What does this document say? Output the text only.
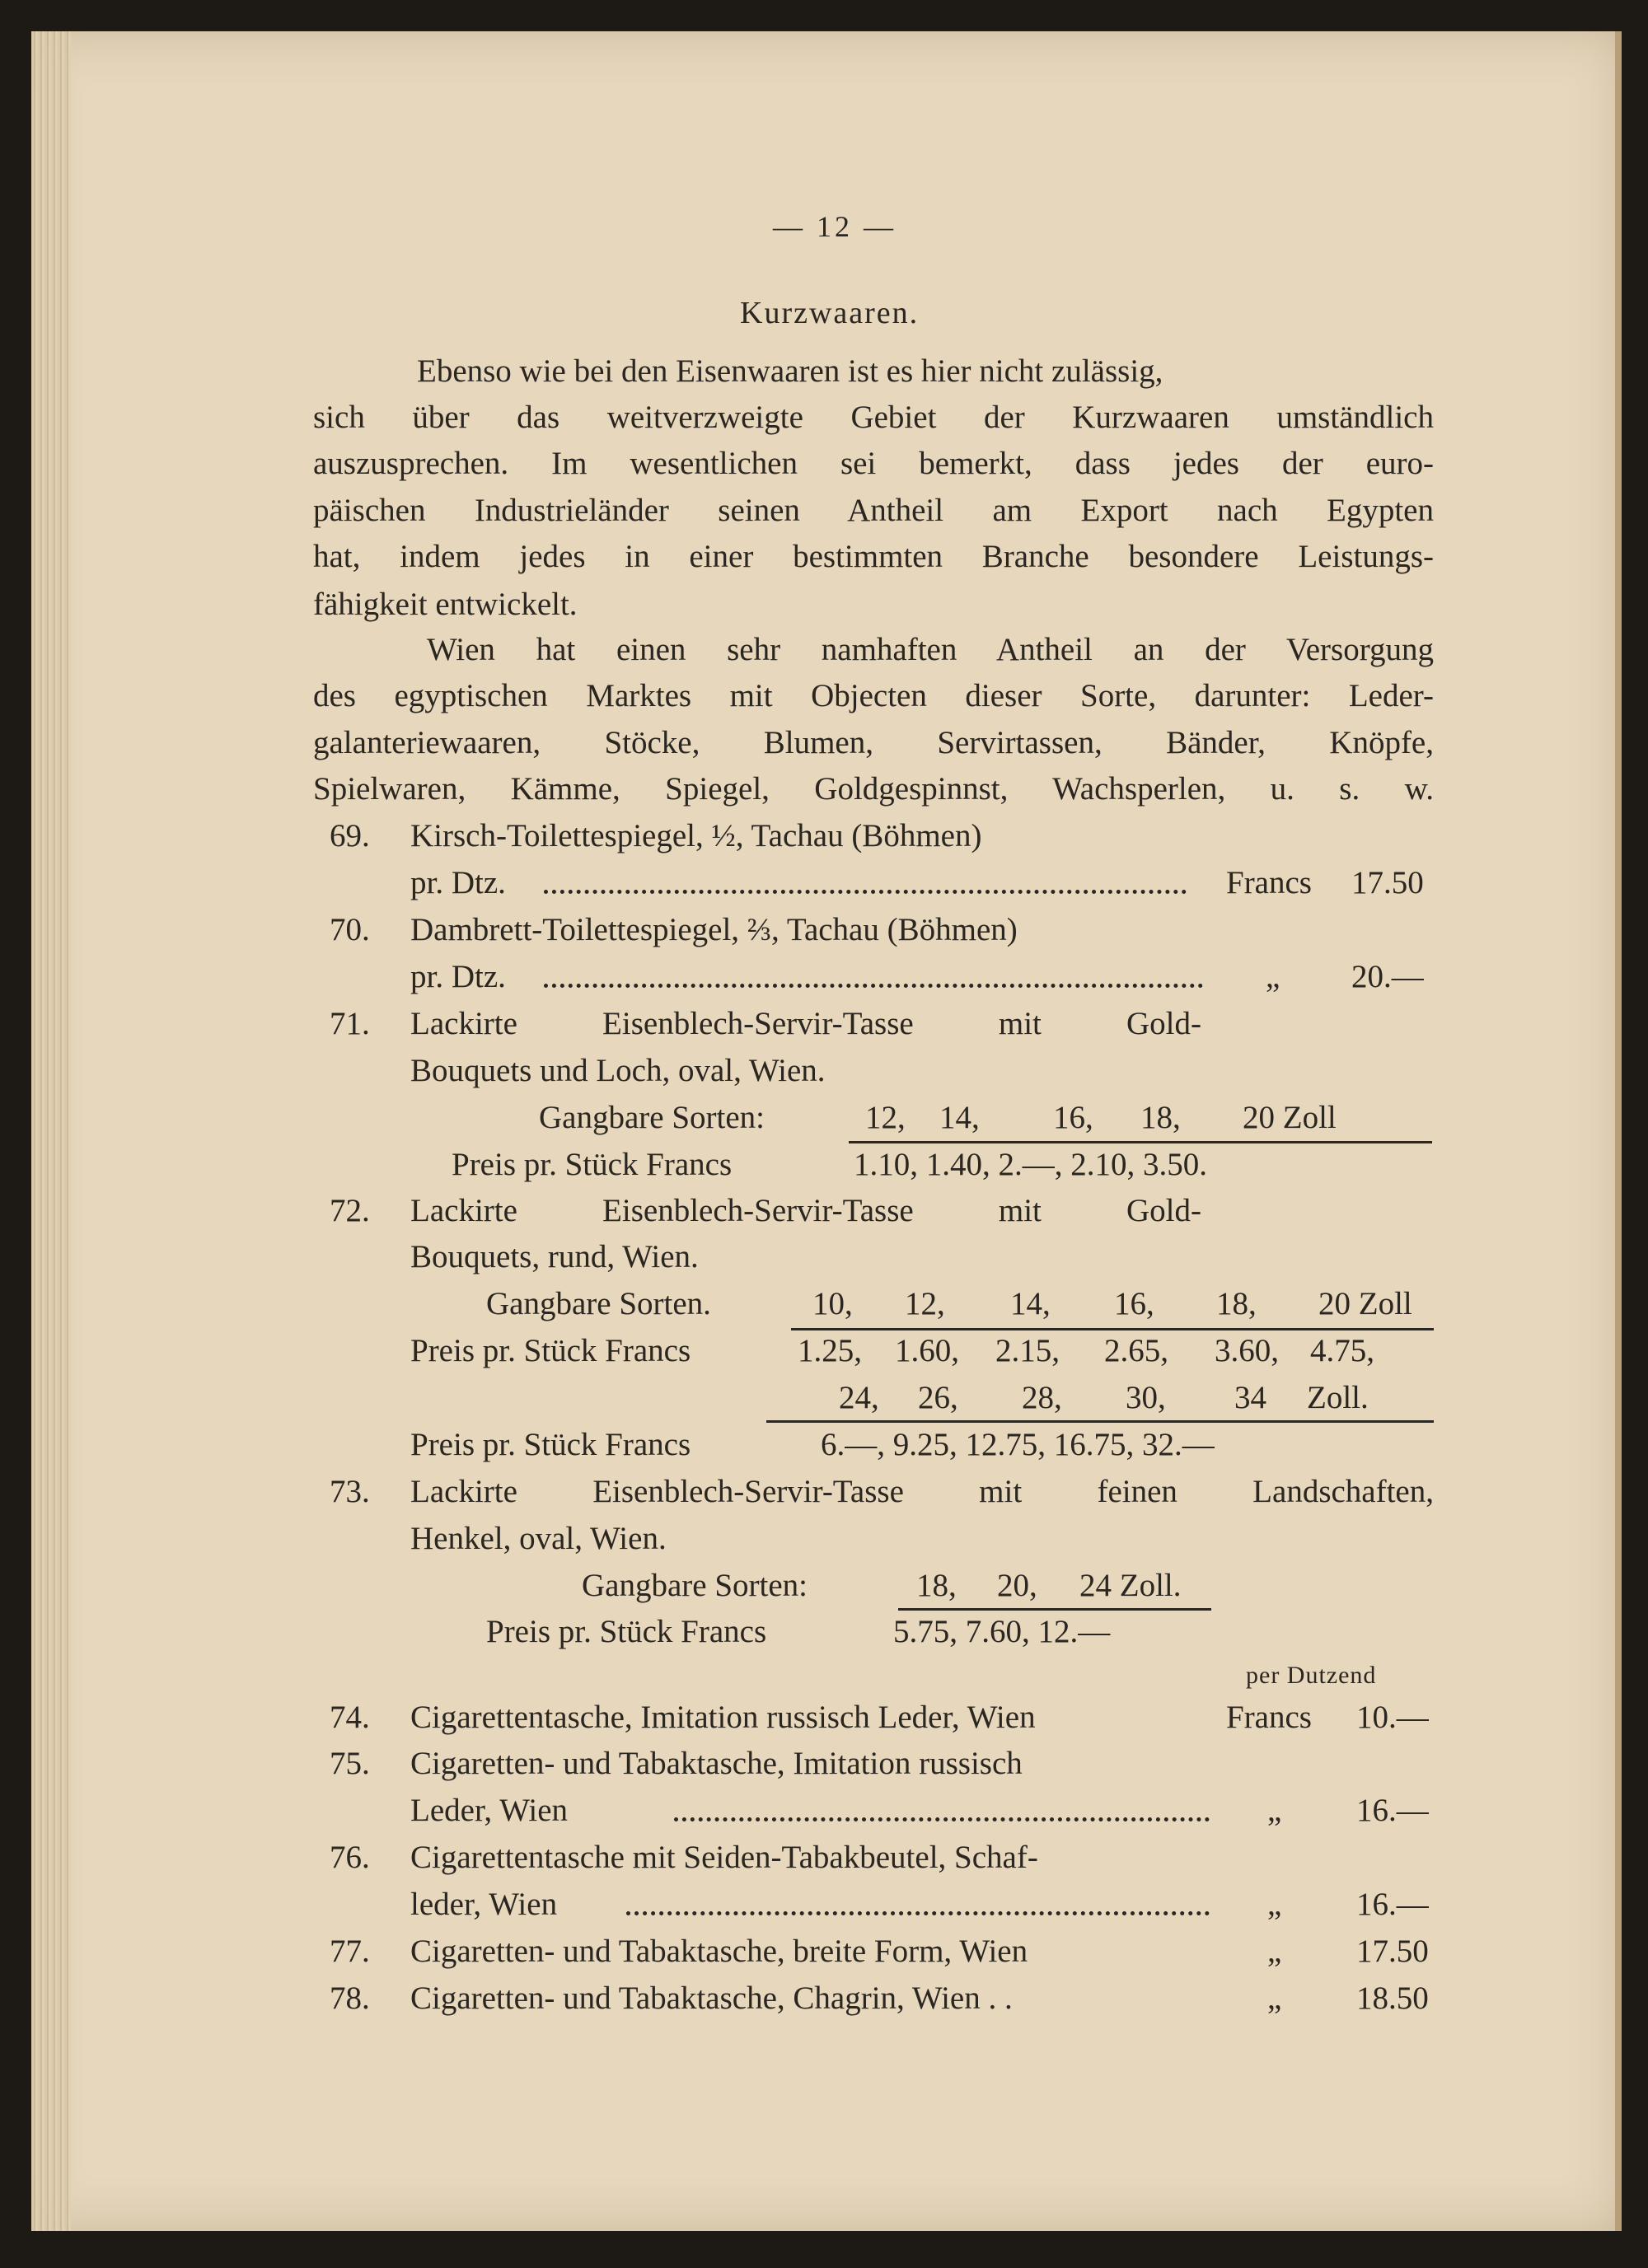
— 12 —
Kurzwaaren.
Ebenso wie bei den Eisenwaaren ist es hier nicht zulässig,
sich über das weitverzweigte Gebiet der Kurzwaaren umständlich
auszusprechen. Im wesentlichen sei bemerkt, dass jedes der euro-
päischen Industrieländer seinen Antheil am Export nach Egypten
hat, indem jedes in einer bestimmten Branche besondere Leistungs-
fähigkeit entwickelt.
Wien hat einen sehr namhaften Antheil an der Versorgung
des egyptischen Marktes mit Objecten dieser Sorte, darunter: Leder-
galanteriewaaren, Stöcke, Blumen, Servirtassen, Bänder, Knöpfe,
Spielwaren, Kämme, Spiegel, Goldgespinnst, Wachsperlen, u. s. w.
69. Kirsch-Toilettespiegel, ½, Tachau (Böhmen)
pr. Dtz.	Francs 17.50
70. Dambrett-Toilettespiegel, ⅔, Tachau (Böhmen)
pr. Dtz.	„ 20.—
71. Lackirte Eisenblech-Servir-Tasse mit Gold-
Bouquets und Loch, oval, Wien.
Gangbare Sorten:	12, 14, 16, 18, 20 Zoll
Preis pr. Stück Francs	1.10, 1.40, 2.—, 2.10, 3.50.
72. Lackirte Eisenblech-Servir-Tasse mit Gold-
Bouquets, rund, Wien.
Gangbare Sorten.	10, 12, 14, 16, 18, 20 Zoll
Preis pr. Stück Francs	1.25, 1.60, 2.15, 2.65, 3.60, 4.75,
24, 26, 28, 30, 34 Zoll.
Preis pr. Stück Francs	6.—, 9.25, 12.75, 16.75, 32.—
73. Lackirte Eisenblech-Servir-Tasse mit feinen Landschaften,
Henkel, oval, Wien.
Gangbare Sorten:	18, 20, 24 Zoll.
Preis pr. Stück Francs	5.75, 7.60, 12.—
per Dutzend
74. Cigarettentasche, Imitation russisch Leder, Wien	Francs 10.—
75. Cigaretten- und Tabaktasche, Imitation russisch
Leder, Wien	„ 16.—
76. Cigarettentasche mit Seiden-Tabakbeutel, Schaf-
leder, Wien	„ 16.—
77. Cigaretten- und Tabaktasche, breite Form, Wien	„ 17.50
78. Cigaretten- und Tabaktasche, Chagrin, Wien . .	„ 18.50
